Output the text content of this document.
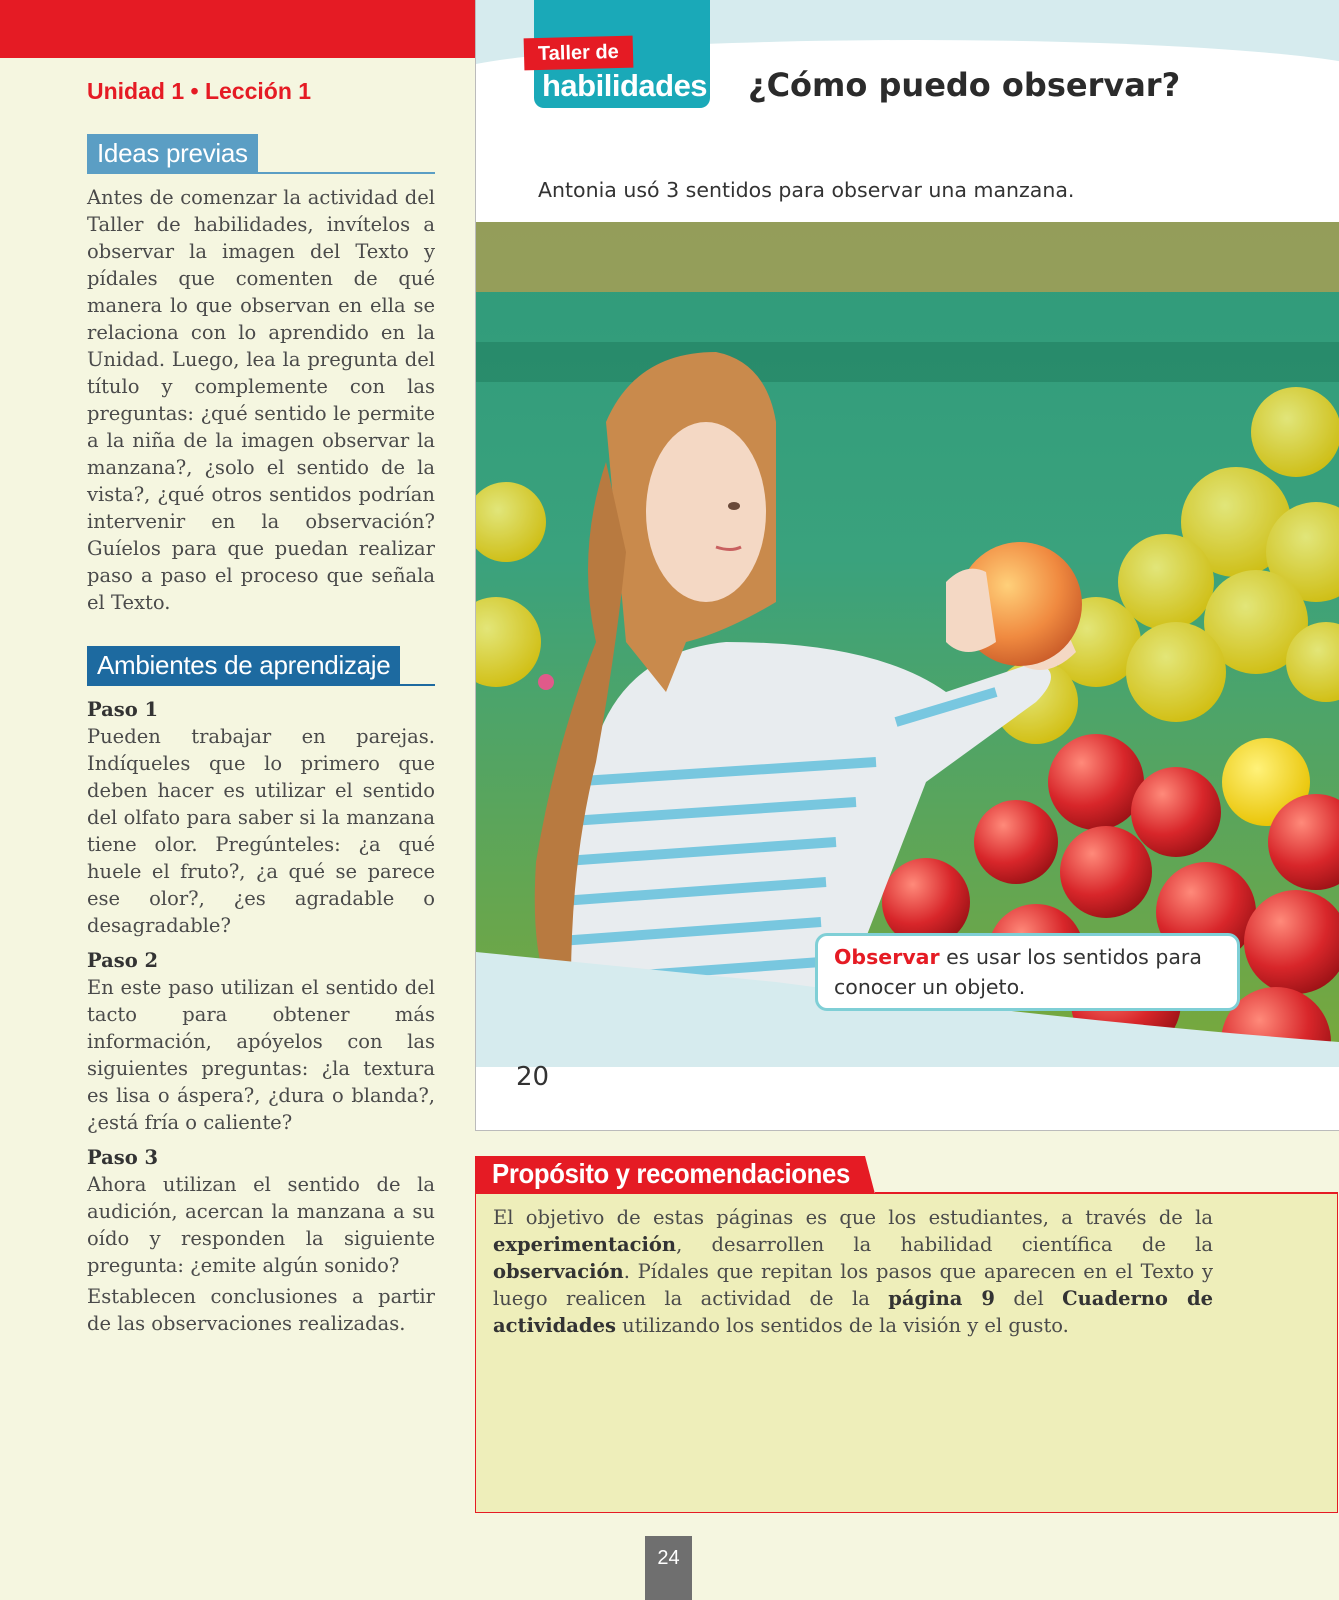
Unidad 1 • Lección 1
Ideas previas

Antes de comenzar la actividad del Taller de habilidades, invítelos a observar la imagen del Texto y pídales que comenten de qué manera lo que observan en ella se relaciona con lo aprendido en la Unidad. Luego, lea la pregunta del título y complemente con las preguntas: ¿qué sentido le permite a la niña de la imagen observar la manzana?, ¿solo el sentido de la vista?, ¿qué otros sentidos podrían intervenir en la observación? Guíelos para que puedan realizar paso a paso el proceso que señala el Texto.

Ambientes de aprendizaje
Paso 1

Pueden trabajar en parejas. Indíqueles que lo primero que deben hacer es utilizar el sentido del olfato para saber si la manzana tiene olor. Pregúnteles: ¿a qué huele el fruto?, ¿a qué se parece ese olor?, ¿es agradable o desagradable?

Paso 2

En este paso utilizan el sentido del tacto para obtener más información, apóyelos con las siguientes preguntas: ¿la textura es lisa o áspera?, ¿dura o blanda?, ¿está fría o caliente?

Paso 3

Ahora utilizan el sentido de la audición, acercan la manzana a su oído y responden la siguiente pregunta: ¿emite algún sonido?

Establecen conclusiones a partir de las observaciones realizadas.

Taller de
habilidades ¿Cómo puedo observar?
Antonia usó 3 sentidos para observar una manzana.
Observar es usar los sentidos para conocer un objeto.
20
El objetivo de estas páginas es que los estudiantes, a través de la experimentación, desarrollen la habilidad científica de la observación. Pídales que repitan los pasos que aparecen en el Texto y luego realicen la actividad de la página 9 del Cuaderno de actividades utilizando los sentidos de la visión y el gusto.
Propósito y recomendaciones
24
